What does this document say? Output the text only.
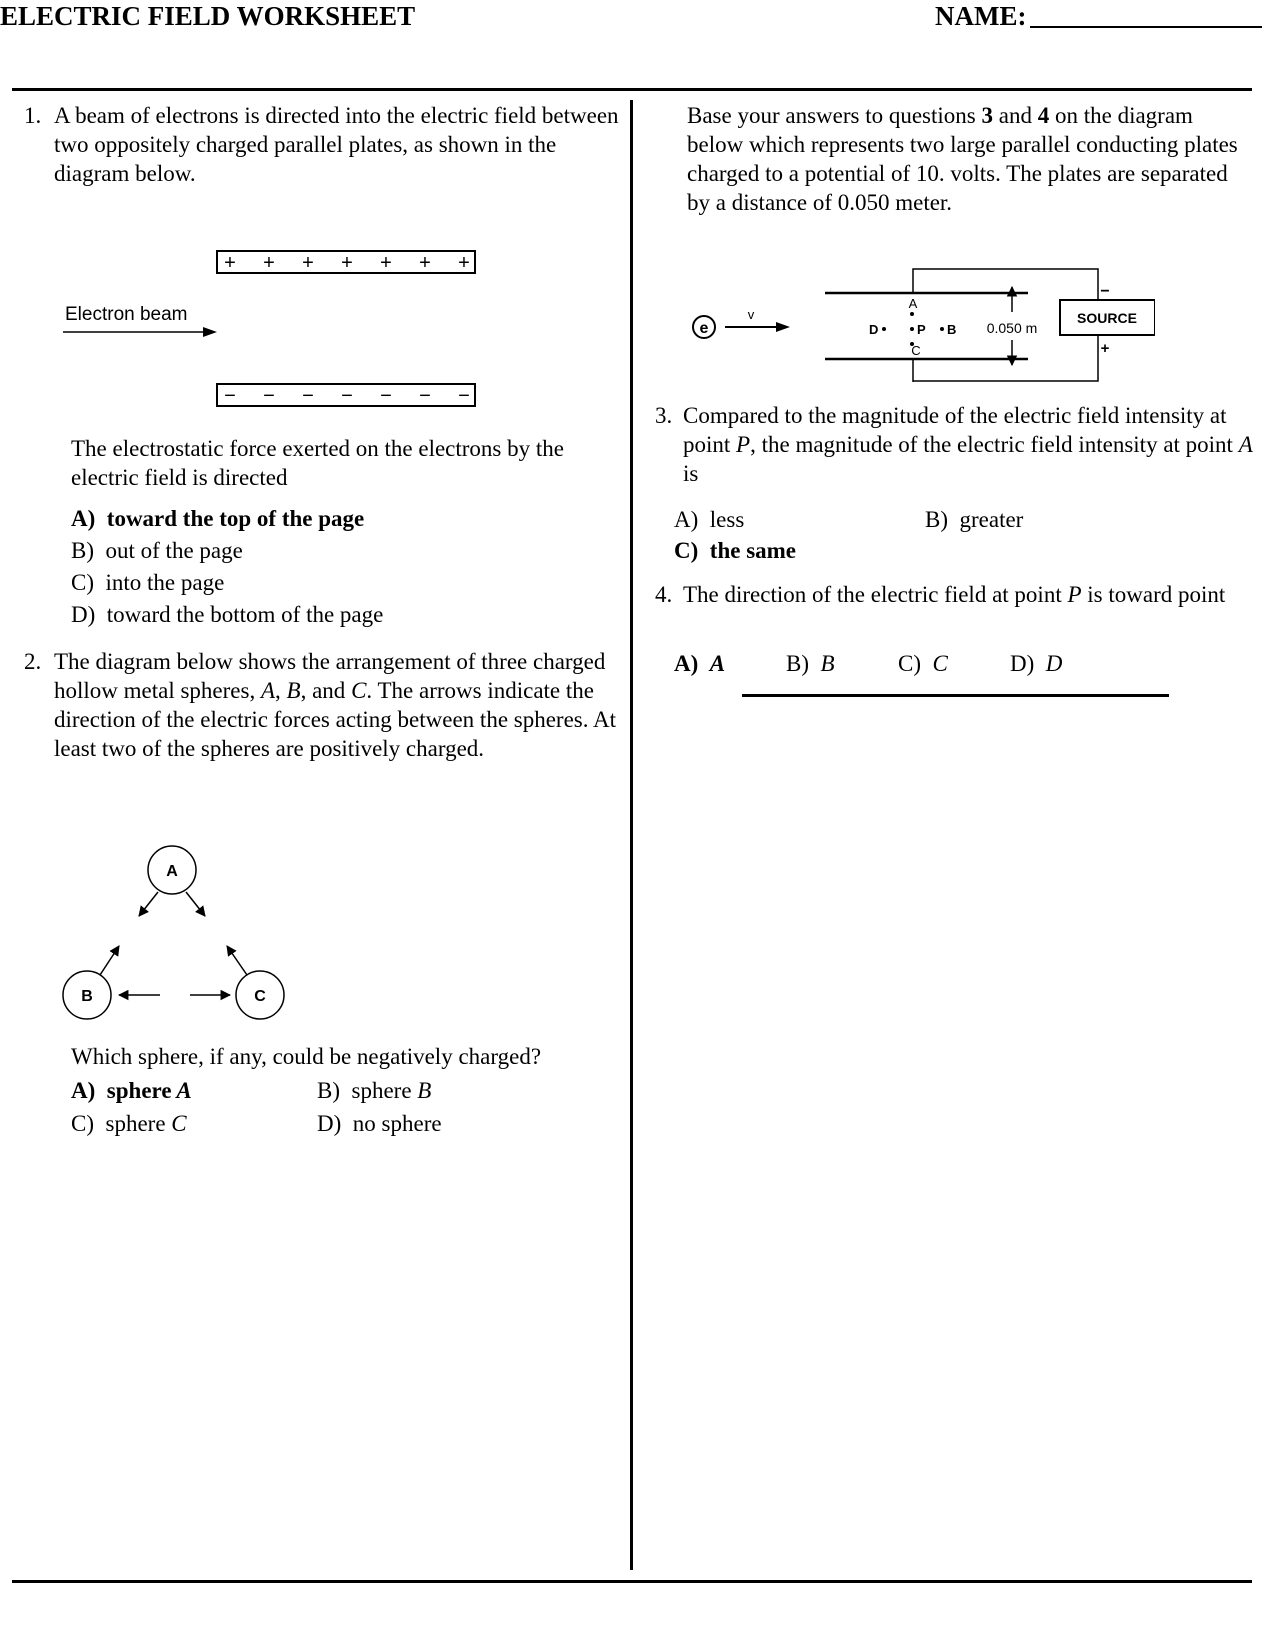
ELECTRIC FIELD WORKSHEET	NAME:
1. A beam of electrons is directed into the electric field between two oppositely charged parallel plates, as shown in the diagram below.
+ + + + + + +
− − − − − − −
Electron beam
The electrostatic force exerted on the electrons by the electric field is directed
A)  toward the top of the page
B)  out of the page
C)  into the page
D)  toward the bottom of the page
2. The diagram below shows the arrangement of three charged hollow metal spheres, A, B, and C. The arrows indicate the direction of the electric forces acting between the spheres. At least two of the spheres are positively charged.
A
B	C
Which sphere, if any, could be negatively charged?
A)  sphere A	B)  sphere B
C)  sphere C	D)  no sphere
Base your answers to questions 3 and 4 on the diagram below which represents two large parallel conducting plates charged to a potential of 10. volts. The plates are separated by a distance of 0.050 meter.
e
v	SOURCE
−
+
A
P B
C
D	0.050 m
3. Compared to the magnitude of the electric field intensity at point P, the magnitude of the electric field intensity at point A is
A)  less	B)  greater
C)  the same
4. The direction of the electric field at point P is toward point
A)  A	B)  B	C)  C	D)  D
